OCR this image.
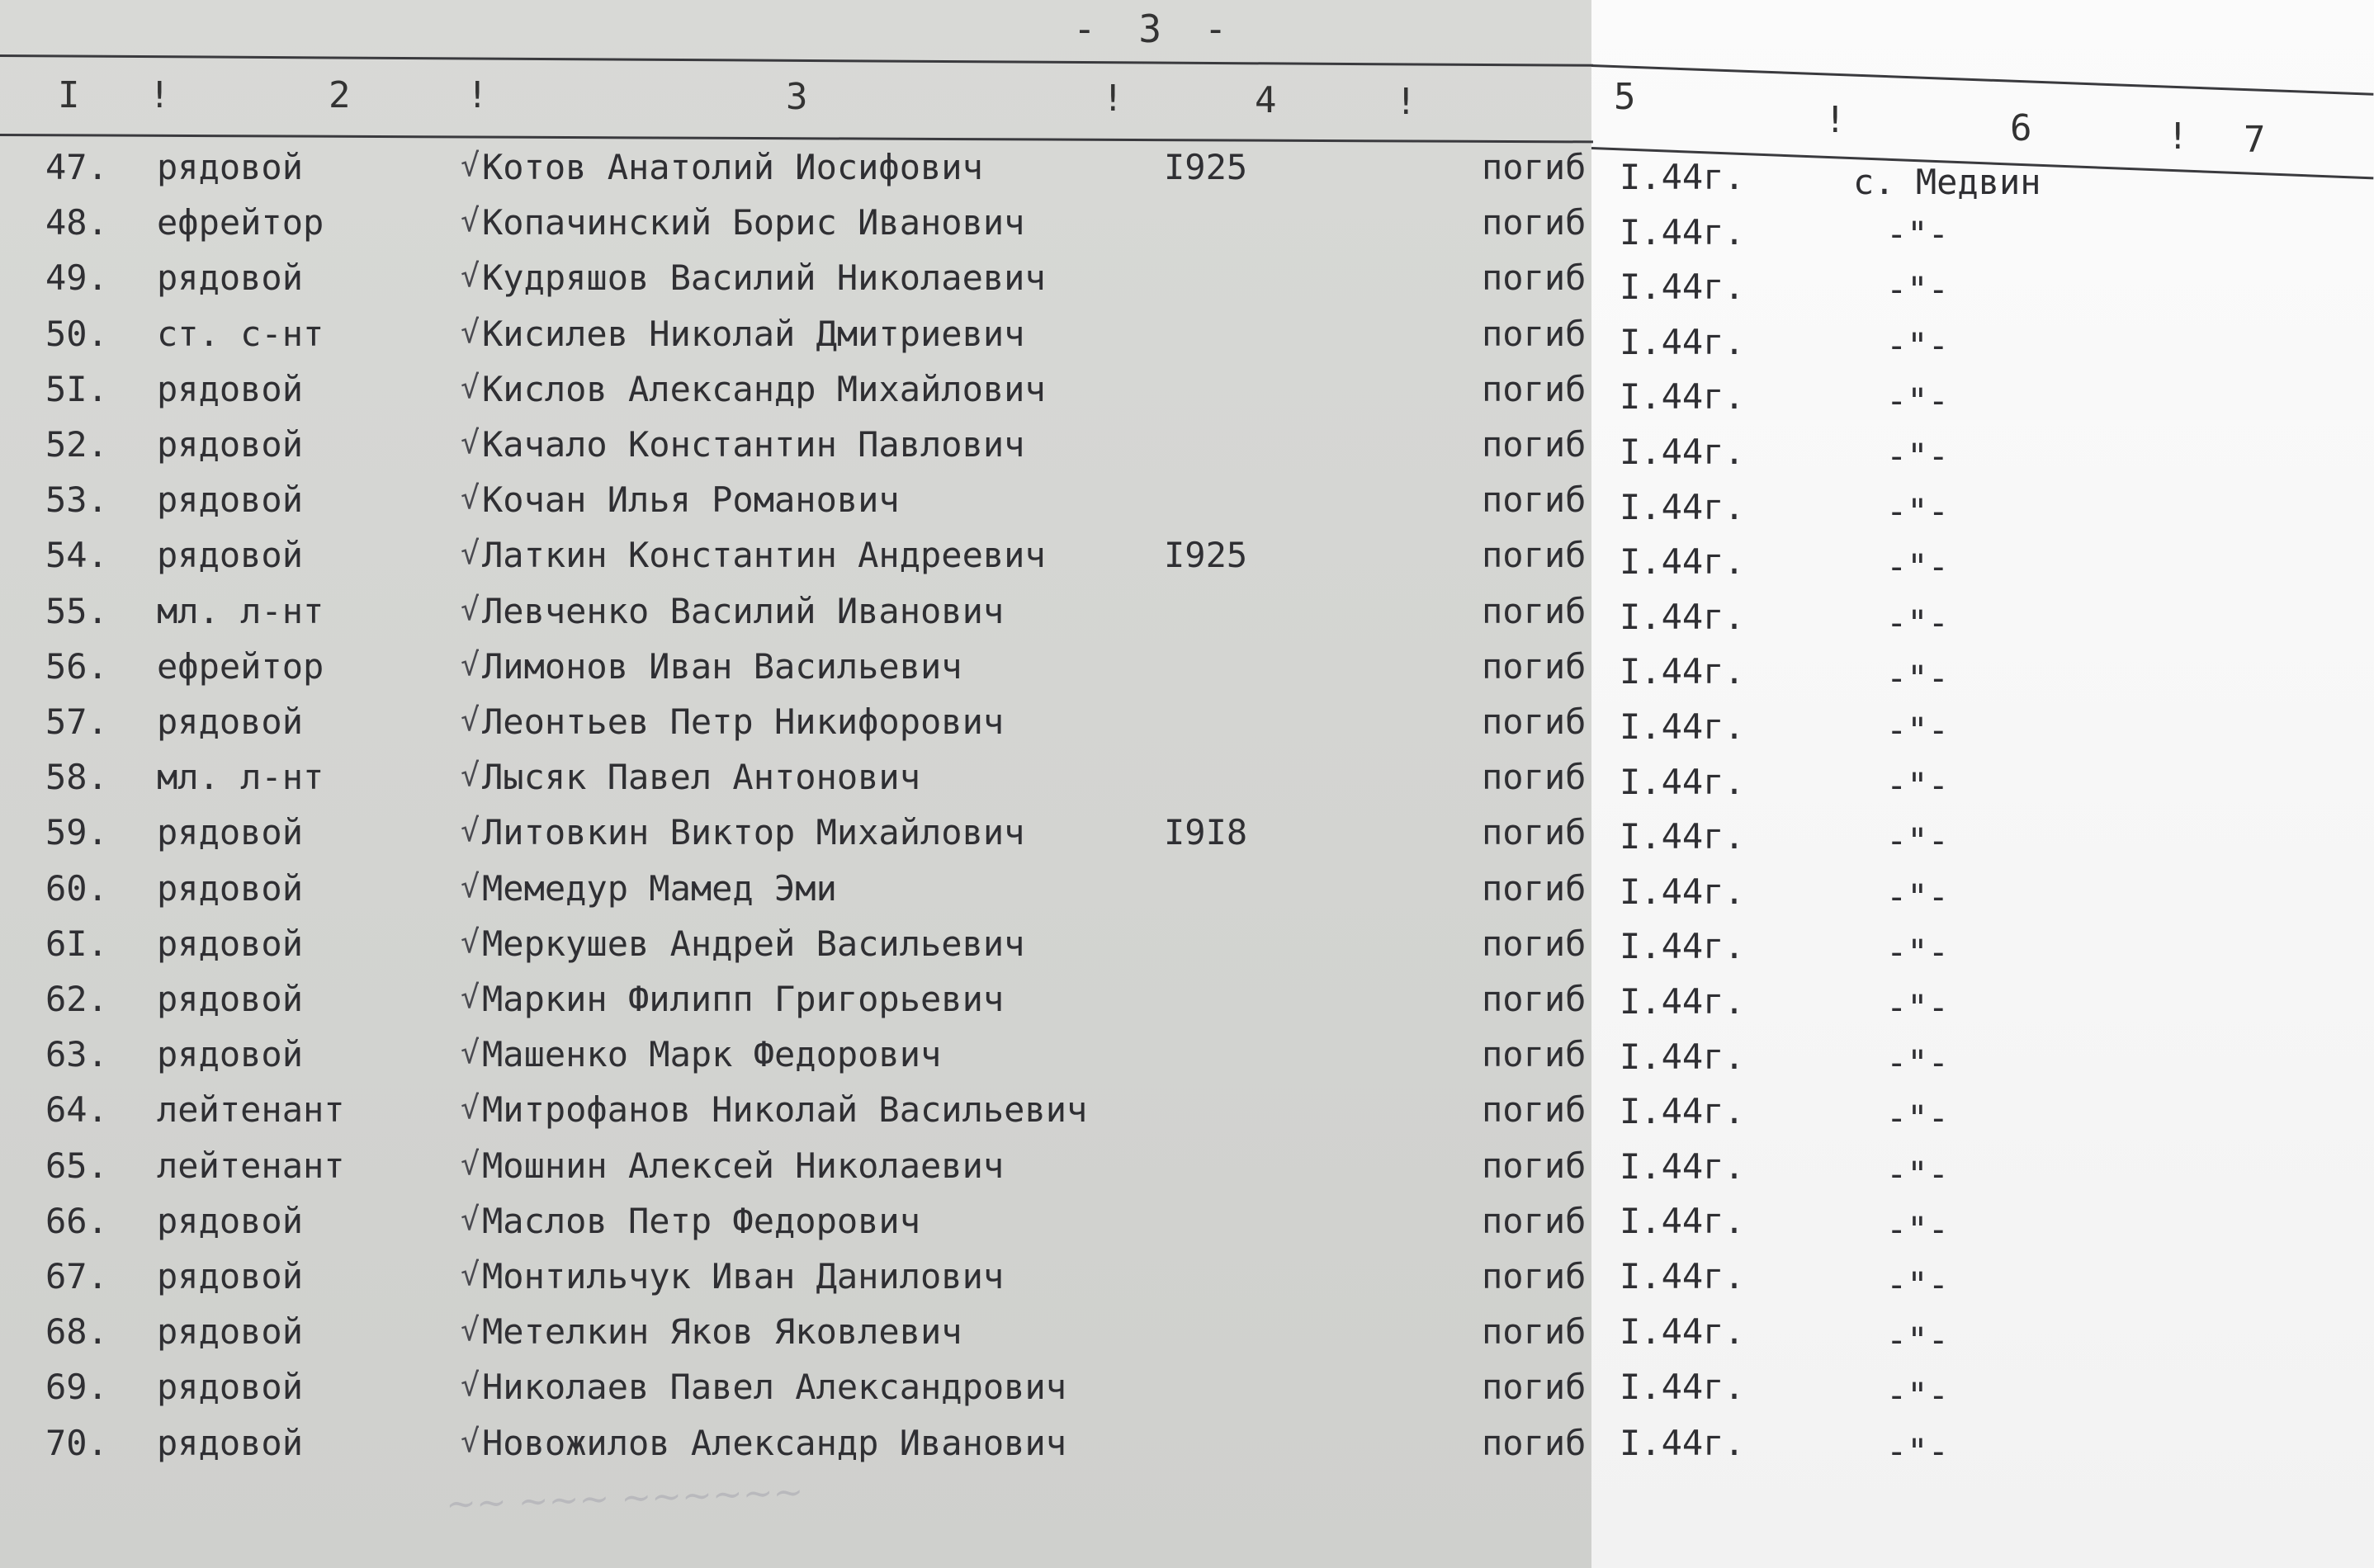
- 3 -
I !	2	!	3	!	4	!	5
!	6	! 7
47. рядовой	√ Котов Анатолий Иосифович	I925	погиб I.44г.	с. Медвин
48. ефрейтор	√ Копачинский Борис Иванович	погиб I.44г.	-"-
49. рядовой	√ Кудряшов Василий Николаевич	погиб I.44г.	-"-
50. ст. с-нт	√ Кисилев Николай Дмитриевич	погиб I.44г.	-"-
5I. рядовой	√ Кислов Александр Михайлович	погиб I.44г.	-"-
52. рядовой	√ Качало Константин Павлович	погиб I.44г.	-"-
53. рядовой	√ Кочан Илья Романович	погиб I.44г.	-"-
54. рядовой	√ Латкин Константин Андреевич	I925	погиб I.44г.	-"-
55. мл. л-нт	√ Левченко Василий Иванович	погиб I.44г.	-"-
56. ефрейтор	√ Лимонов Иван Васильевич	погиб I.44г.	-"-
57. рядовой	√ Леонтьев Петр Никифорович	погиб I.44г.	-"-
58. мл. л-нт	√ Лысяк Павел Антонович	погиб I.44г.	-"-
59. рядовой	√ Литовкин Виктор Михайлович	I9I8	погиб I.44г.	-"-
60. рядовой	√ Мемедур Мамед Эми	погиб I.44г.	-"-
6I. рядовой	√ Меркушев Андрей Васильевич	погиб I.44г.	-"-
62. рядовой	√ Маркин Филипп Григорьевич	погиб I.44г.	-"-
63. рядовой	√ Машенко Марк Федорович	погиб I.44г.	-"-
64. лейтенант	√ Митрофанов Николай Васильевич	погиб I.44г.	-"-
65. лейтенант	√ Мошнин Алексей Николаевич	погиб I.44г.	-"-
66. рядовой	√ Маслов Петр Федорович	погиб I.44г.	-"-
67. рядовой	√ Монтильчук Иван Данилович	погиб I.44г.	-"-
68. рядовой	√ Метелкин Яков Яковлевич	погиб I.44г.	-"-
69. рядовой	√ Николаев Павел Александрович	погиб I.44г.	-"-
70. рядовой	√ Новожилов Александр Иванович	погиб I.44г.	-"-
~~ ~~~ ~~~~~~
